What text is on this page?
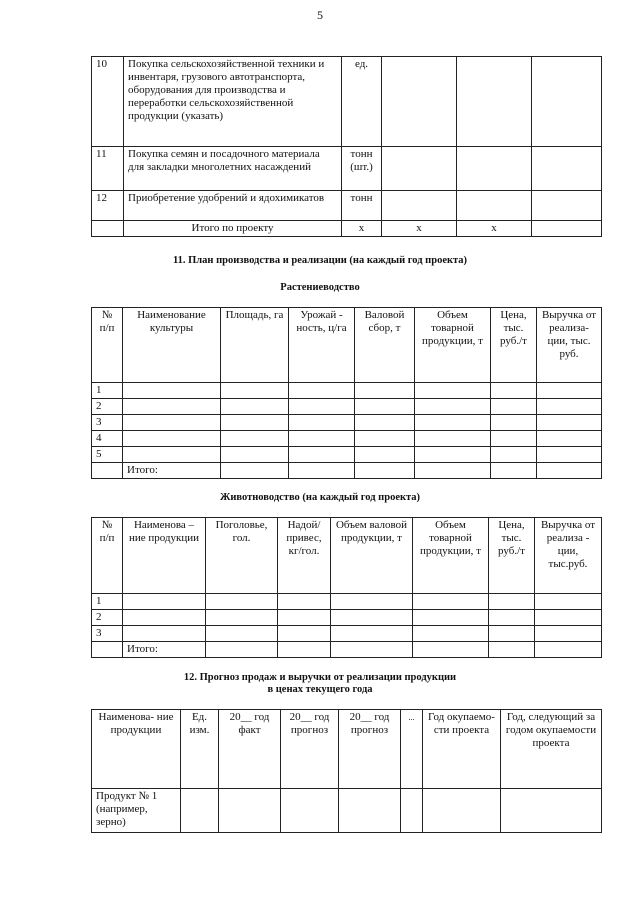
5
10	Покупка сельскохозяйственной техники и инвентаря, грузового автотранспорта, оборудования для производства и переработки сельскохозяйственной продукции (указать)	ед.			
11	Покупка семян и посадочного материала для закладки многолетних насаждений	тонн (шт.)			
12	Приобретение удобрений и ядохимикатов	тонн			
	Итого по проекту	x	x	x	
11. План производства и реализации (на каждый год проекта)
Растениеводство
№ п/п	Наименование культуры	Площадь, га	Урожай - ность, ц/га	Валовой сбор, т	Объем товарной продукции, т	Цена, тыс. руб./т	Выручка от реализа- ции, тыс. руб.
1							
2							
3							
4							
5							
	Итого:						
Животноводство (на каждый год проекта)
№ п/п	Наименова – ние продукции	Поголовье, гол.	Надой/ привес, кг/гол.	Объем валовой продукции, т	Объем товарной продукции, т	Цена, тыс. руб./т	Выручка от реализа - ции, тыс.руб.
1							
2							
3							
	Итого:						
12. Прогноз продаж и выручки от реализации продукции
в ценах текущего года
Наименова- ние продукции	Ед. изм.	20__ год факт	20__ год прогноз	20__ год прогноз	...	Год окупаемо- сти проекта	Год, следующий за годом окупаемости проекта
Продукт № 1 (например, зерно)							
